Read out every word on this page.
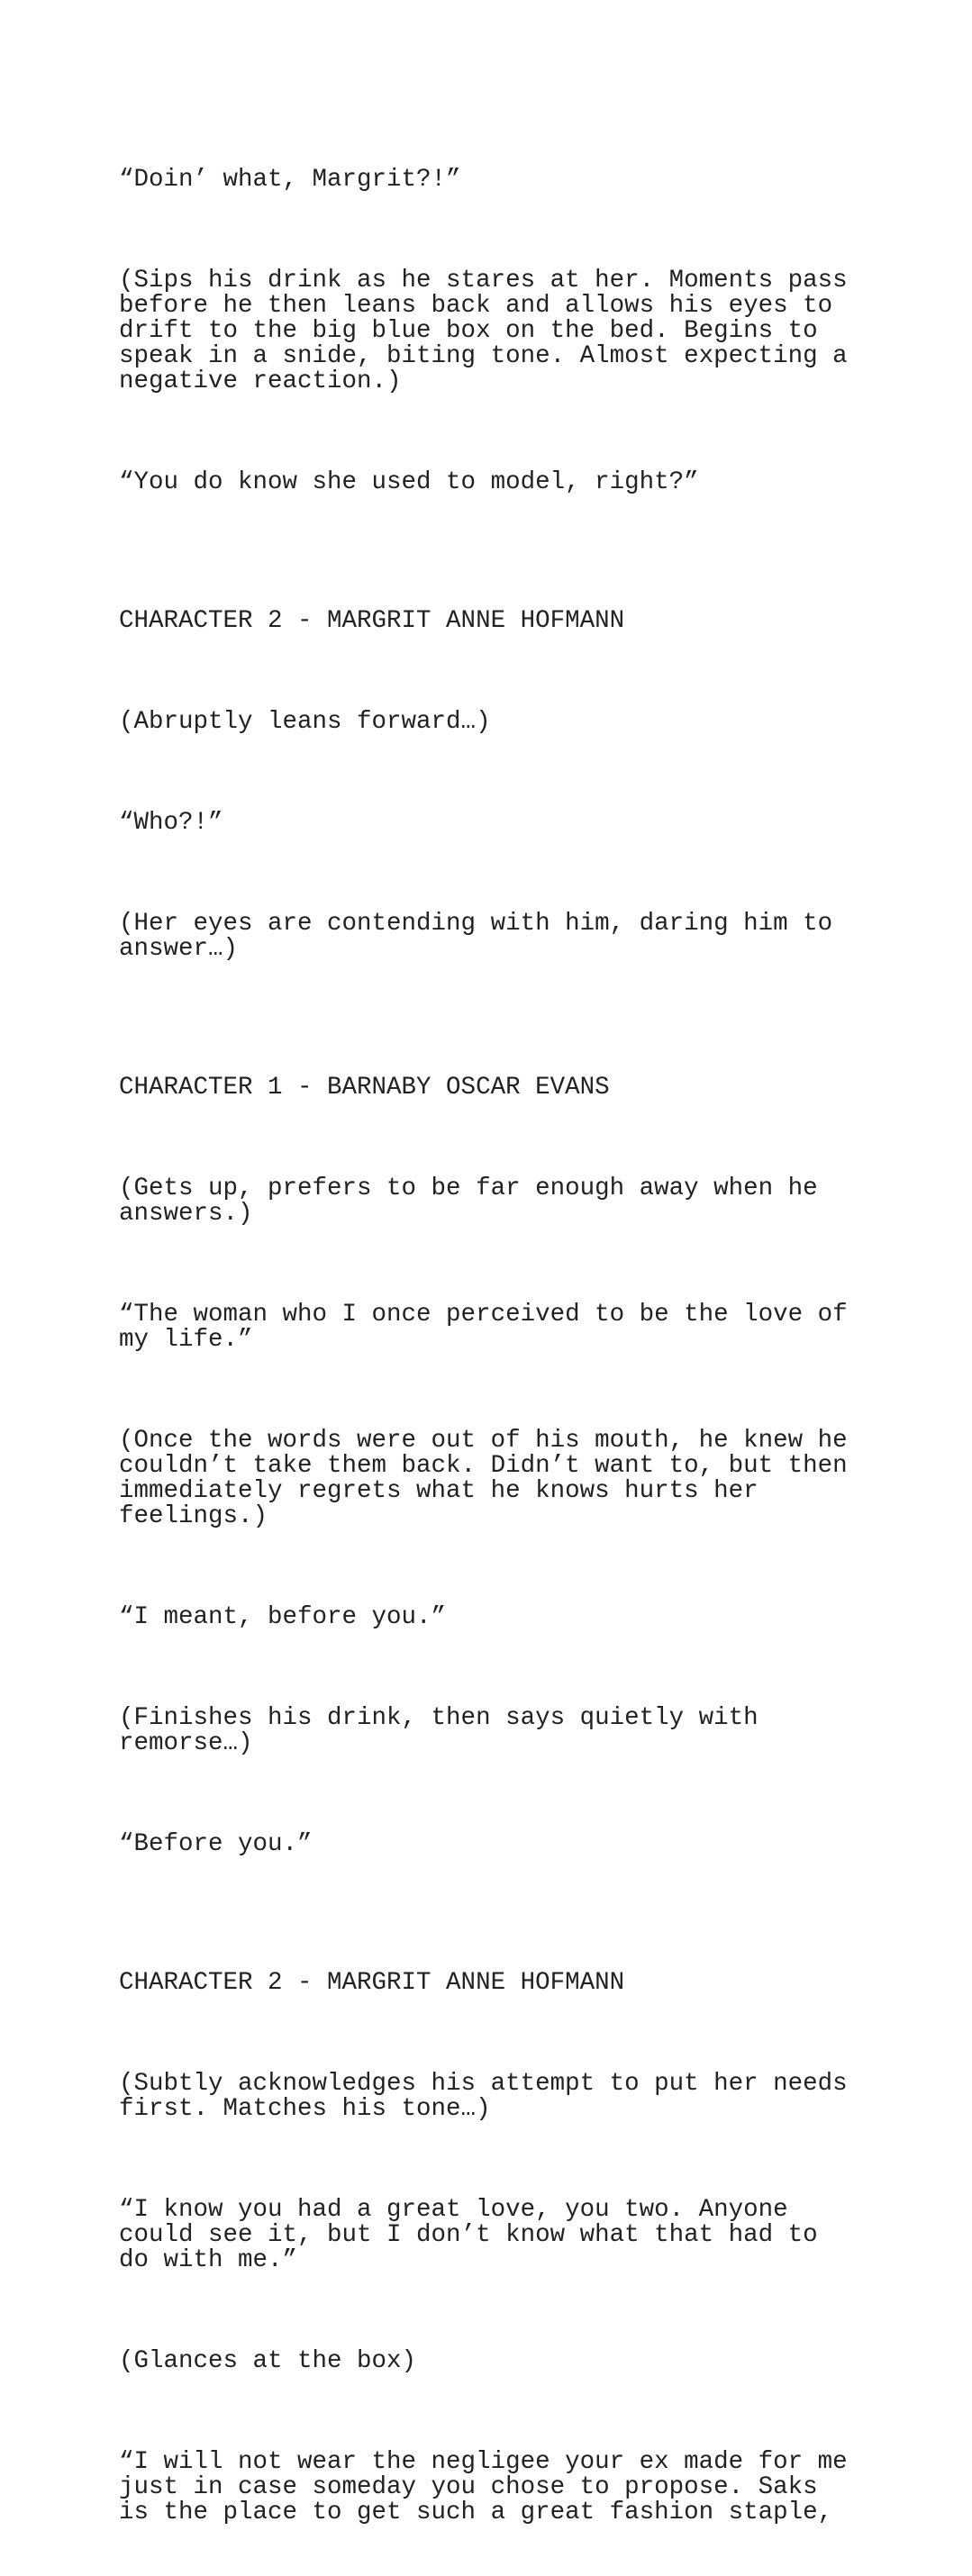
“Doin’ what, Margrit?!”

(Sips his drink as he stares at her. Moments pass
before he then leans back and allows his eyes to
drift to the big blue box on the bed. Begins to
speak in a snide, biting tone. Almost expecting a
negative reaction.)

“You do know she used to model, right?”

CHARACTER 2 - MARGRIT ANNE HOFMANN

(Abruptly leans forward…)

“Who?!”

(Her eyes are contending with him, daring him to
answer…)

CHARACTER 1 - BARNABY OSCAR EVANS

(Gets up, prefers to be far enough away when he
answers.)

“The woman who I once perceived to be the love of
my life.”

(Once the words were out of his mouth, he knew he
couldn’t take them back. Didn’t want to, but then
immediately regrets what he knows hurts her
feelings.)

“I meant, before you.”

(Finishes his drink, then says quietly with
remorse…)

“Before you.”

CHARACTER 2 - MARGRIT ANNE HOFMANN

(Subtly acknowledges his attempt to put her needs
first. Matches his tone…)

“I know you had a great love, you two. Anyone
could see it, but I don’t know what that had to
do with me.”

(Glances at the box)

“I will not wear the negligee your ex made for me
just in case someday you chose to propose. Saks
is the place to get such a great fashion staple,
